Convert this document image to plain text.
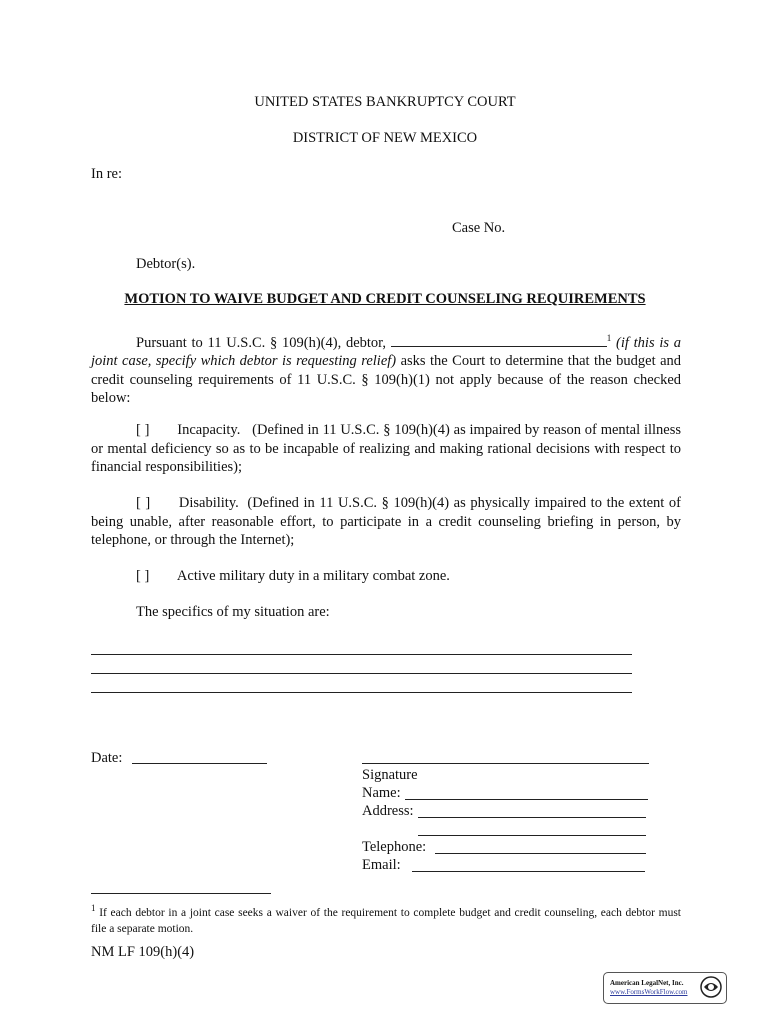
UNITED STATES BANKRUPTCY COURT
DISTRICT OF NEW MEXICO
In re:
Case No.
Debtor(s).
MOTION TO WAIVE BUDGET AND CREDIT COUNSELING REQUIREMENTS
Pursuant to 11 U.S.C. § 109(h)(4), debtor,	$^1$ (if this is a joint case, specify which debtor is requesting relief) asks the Court to determine that the budget and credit counseling requirements of 11 U.S.C. § 109(h)(1) not apply because of the reason checked below:
[ ] Incapacity. (Defined in 11 U.S.C. § 109(h)(4) as impaired by reason of mental illness or mental deficiency so as to be incapable of realizing and making rational decisions with respect to financial responsibilities);
[ ] Disability. (Defined in 11 U.S.C. § 109(h)(4) as physically impaired to the extent of being unable, after reasonable effort, to participate in a credit counseling briefing in person, by telephone, or through the Internet);
[ ] Active military duty in a military combat zone.
The specifics of my situation are:
Date:
Signature
Name:
Address:
Telephone:
Email:
$^1$ If each debtor in a joint case seeks a waiver of the requirement to complete budget and credit counseling, each debtor must file a separate motion.
NM LF 109(h)(4)
American LegalNet, Inc.
www.FormsWorkFlow.com
